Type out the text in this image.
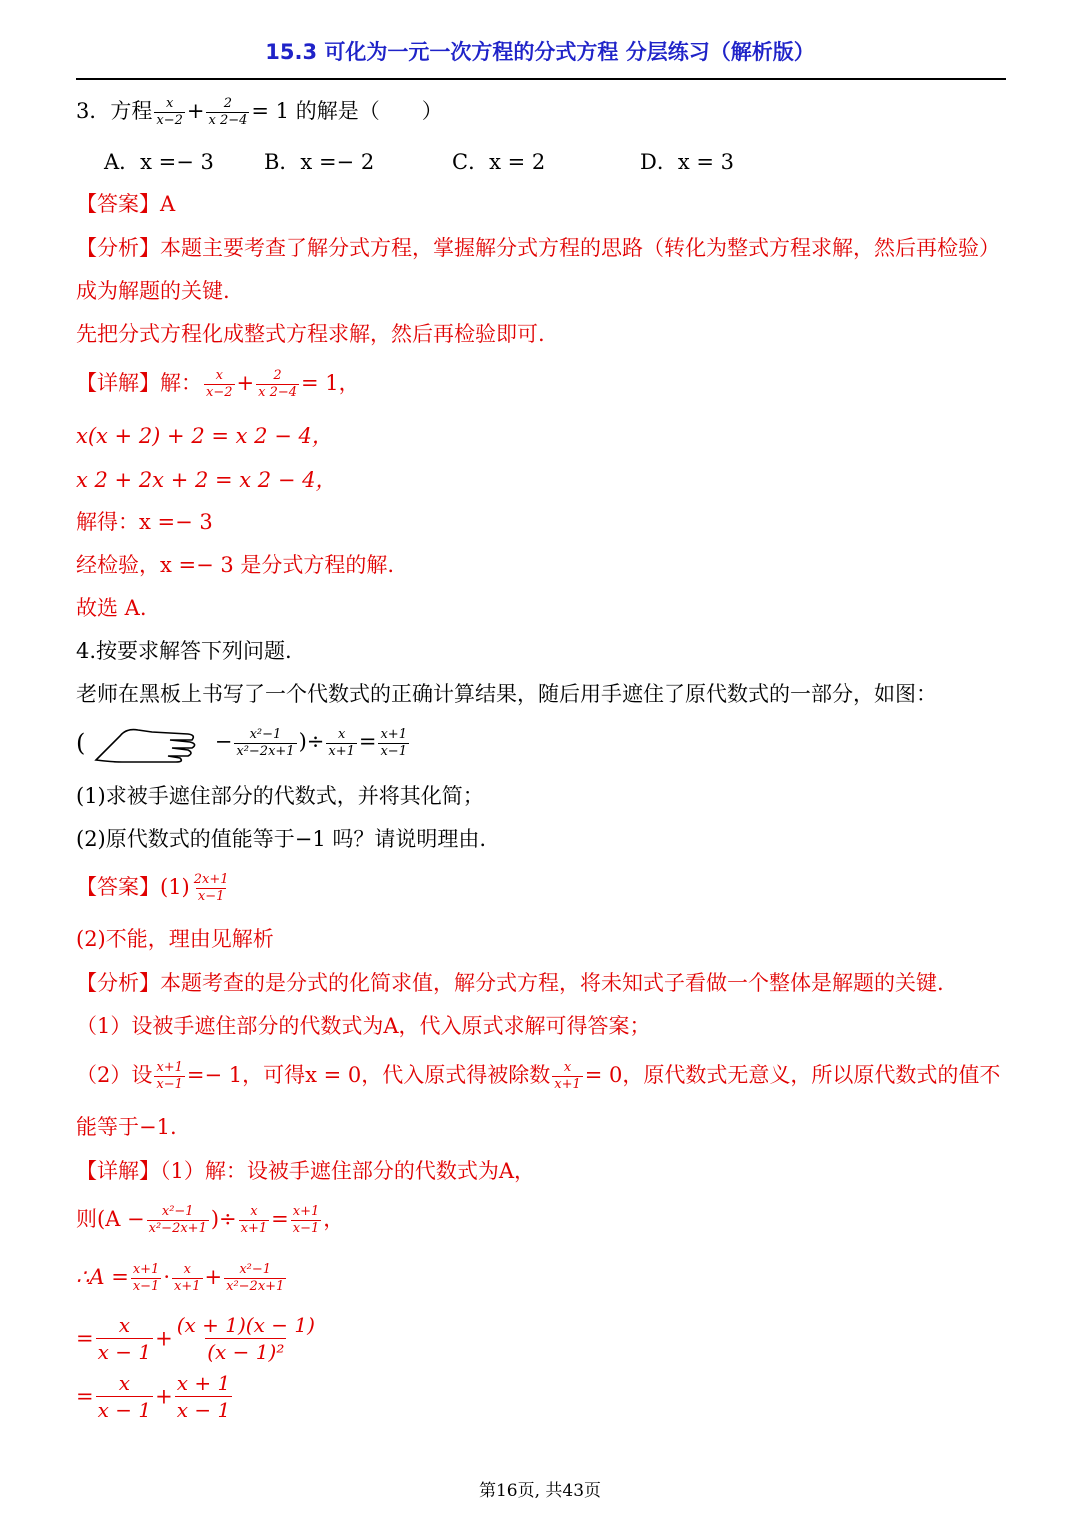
15.3 可化为一元一次方程的分式方程 分层练习（解析版）
3．方程 $\frac{x}{x-2} + \frac{2}{x 2-4} = 1$ 的解是（　　）
A．x =− 3 B．x =− 2	C．x = 2	D．x = 3
【答案】A
【分析】本题主要考查了解分式方程，掌握解分式方程的思路（转化为整式方程求解，然后再检验）
成为解题的关键.
先把分式方程化成整式方程求解，然后再检验即可.
【详解】解： $\frac{x}{x-2} + \frac{2}{x 2-4} = 1$，
x(x + 2) + 2 = x 2 − 4，
x 2 + 2x + 2 = x 2 − 4，
解得：x =− 3
经检验，x =− 3 是分式方程的解.
故选 A.
4.按要求解答下列问题.
老师在黑板上书写了一个代数式的正确计算结果，随后用手遮住了原代数式的一部分，如图：
(	− $\frac{\text{x²−1}}{\text{x²−2x+1}}$ )÷ $\frac{x}{x+1} = \frac{x+1}{x-1}$
(1)求被手遮住部分的代数式，并将其化简；
(2)原代数式的值能等于−1 吗？请说明理由.
【答案】$(1) \frac{2x+1}{x-1}$
(2)不能，理由见解析
【分析】本题考查的是分式的化简求值，解分式方程，将未知式子看做一个整体是解题的关键.
（1）设被手遮住部分的代数式为A，代入原式求解可得答案；
（2）设 $\frac{x+1}{x-1} =- 1$，可得x = 0，代入原式得被除数 $\frac{x}{x+1} = 0$，原代数式无意义，所以原代数式的值不
能等于−1.
【详解】（1）解：设被手遮住部分的代数式为A，
则($A - \frac{\text{x²−1}}{\text{x²−2x+1}}$ )÷ $\frac{x}{x+1} = \frac{x+1}{x-1}$ ，
∴A = $\frac{x+1}{x-1} \cdot \frac{x}{x+1} + \frac{\text{x²−1}}{\text{x²−2x+1}}$
= $\frac{x}{x - 1} + \frac{(x + 1)(x - 1)}{\text{(x − 1)²}}$
= $\frac{x}{x - 1} + \frac{x + 1}{x - 1}$
第16页, 共43页
